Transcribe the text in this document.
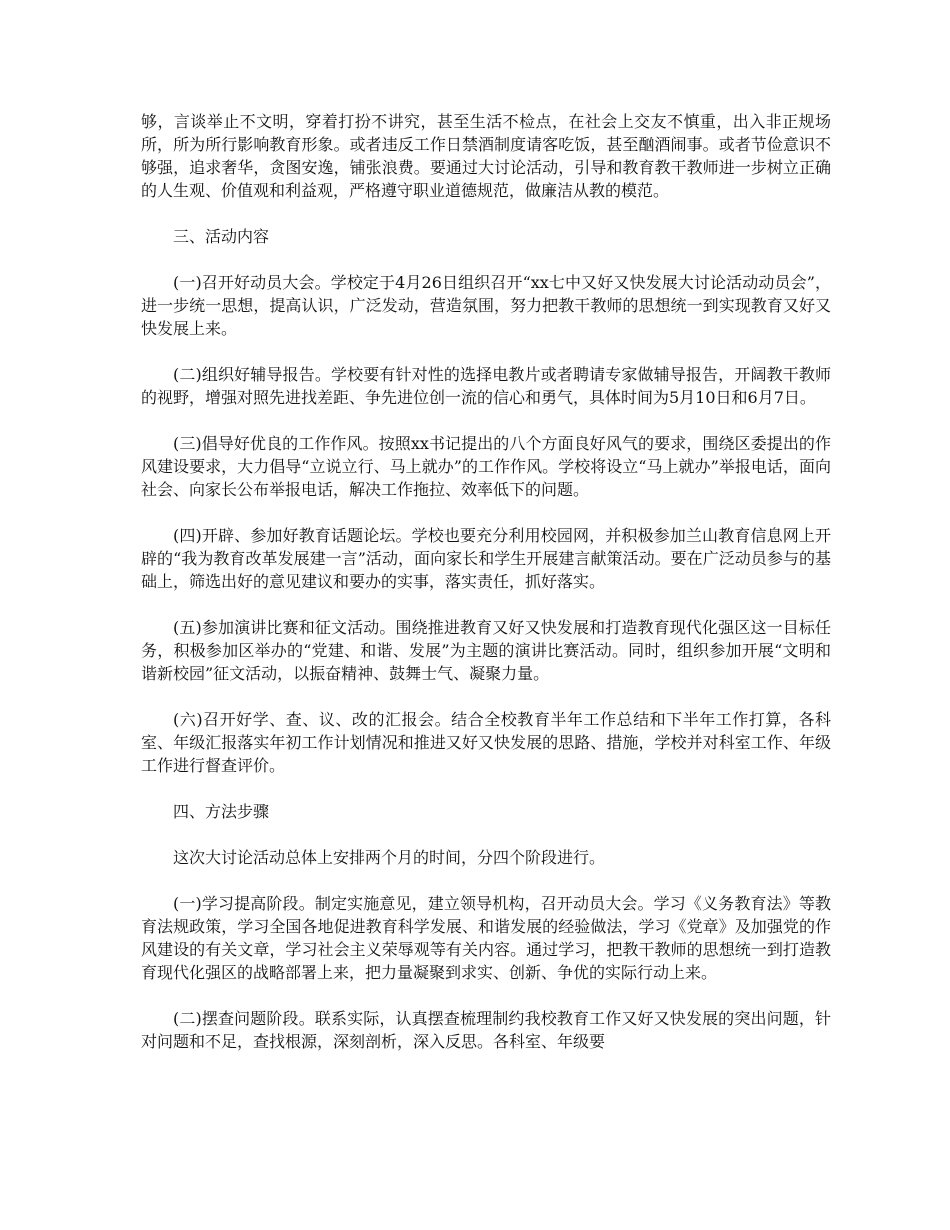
够，言谈举止不文明，穿着打扮不讲究，甚至生活不检点，在社会上交友不慎重，出入非正规场所，所为所行影响教育形象。或者违反工作日禁酒制度请客吃饭，甚至酗酒闹事。或者节俭意识不够强，追求奢华，贪图安逸，铺张浪费。要通过大讨论活动，引导和教育教干教师进一步树立正确的人生观、价值观和利益观，严格遵守职业道德规范，做廉洁从教的模范。

三、活动内容

(一)召开好动员大会。学校定于4月26日组织召开“xx七中又好又快发展大讨论活动动员会”，进一步统一思想，提高认识，广泛发动，营造氛围，努力把教干教师的思想统一到实现教育又好又快发展上来。

(二)组织好辅导报告。学校要有针对性的选择电教片或者聘请专家做辅导报告，开阔教干教师的视野，增强对照先进找差距、争先进位创一流的信心和勇气，具体时间为5月10日和6月7日。

(三)倡导好优良的工作作风。按照xx书记提出的八个方面良好风气的要求，围绕区委提出的作风建设要求，大力倡导“立说立行、马上就办”的工作作风。学校将设立“马上就办”举报电话，面向社会、向家长公布举报电话，解决工作拖拉、效率低下的问题。

(四)开辟、参加好教育话题论坛。学校也要充分利用校园网，并积极参加兰山教育信息网上开辟的“我为教育改革发展建一言”活动，面向家长和学生开展建言献策活动。要在广泛动员参与的基础上，筛选出好的意见建议和要办的实事，落实责任，抓好落实。

(五)参加演讲比赛和征文活动。围绕推进教育又好又快发展和打造教育现代化强区这一目标任务，积极参加区举办的“党建、和谐、发展”为主题的演讲比赛活动。同时，组织参加开展“文明和谐新校园”征文活动，以振奋精神、鼓舞士气、凝聚力量。

(六)召开好学、查、议、改的汇报会。结合全校教育半年工作总结和下半年工作打算，各科室、年级汇报落实年初工作计划情况和推进又好又快发展的思路、措施，学校并对科室工作、年级工作进行督查评价。

四、方法步骤

这次大讨论活动总体上安排两个月的时间，分四个阶段进行。

(一)学习提高阶段。制定实施意见，建立领导机构，召开动员大会。学习《义务教育法》等教育法规政策，学习全国各地促进教育科学发展、和谐发展的经验做法，学习《党章》及加强党的作风建设的有关文章，学习社会主义荣辱观等有关内容。通过学习，把教干教师的思想统一到打造教育现代化强区的战略部署上来，把力量凝聚到求实、创新、争优的实际行动上来。

(二)摆查问题阶段。联系实际，认真摆查梳理制约我校教育工作又好又快发展的突出问题，针对问题和不足，查找根源，深刻剖析，深入反思。各科室、年级要
